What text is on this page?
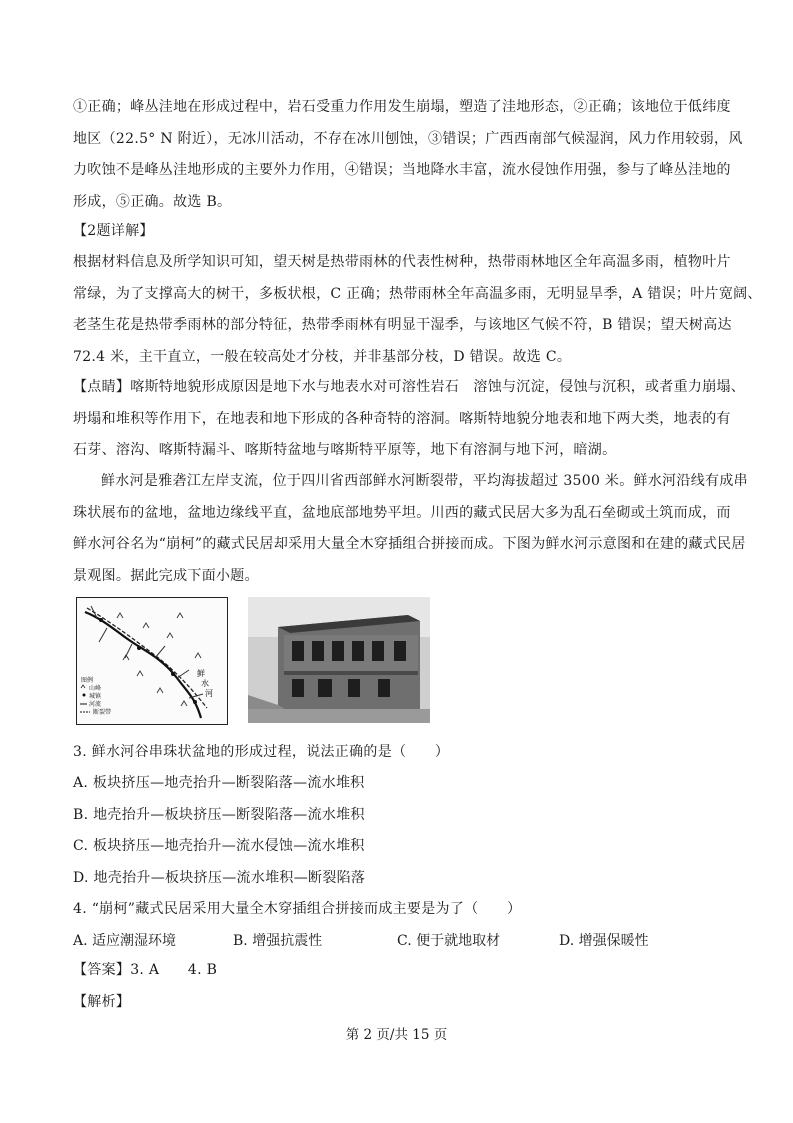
①正确；峰丛洼地在形成过程中，岩石受重力作用发生崩塌，塑造了洼地形态，②正确；该地位于低纬度
地区（22.5° N 附近），无冰川活动，不存在冰川刨蚀，③错误；广西西南部气候湿润，风力作用较弱，风
力吹蚀不是峰丛洼地形成的主要外力作用，④错误；当地降水丰富，流水侵蚀作用强，参与了峰丛洼地的
形成，⑤正确。故选 B。
【2题详解】
根据材料信息及所学知识可知，望天树是热带雨林的代表性树种，热带雨林地区全年高温多雨，植物叶片
常绿，为了支撑高大的树干，多板状根，C 正确；热带雨林全年高温多雨，无明显旱季，A 错误；叶片宽阔、
老茎生花是热带季雨林的部分特征，热带季雨林有明显干湿季，与该地区气候不符，B 错误；望天树高达
72.4 米，主干直立，一般在较高处才分枝，并非基部分枝，D 错误。故选 C。
【点睛】喀斯特地貌形成原因是地下水与地表水对可溶性岩石　溶蚀与沉淀，侵蚀与沉积，或者重力崩塌、
坍塌和堆积等作用下，在地表和地下形成的各种奇特的溶洞。喀斯特地貌分地表和地下两大类，地表的有
石芽、溶沟、喀斯特漏斗、喀斯特盆地与喀斯特平原等，地下有溶洞与地下河，暗湖。
鲜水河是雅砻江左岸支流，位于四川省西部鲜水河断裂带，平均海拔超过 3500 米。鲜水河沿线有成串
珠状展布的盆地，盆地边缘线平直，盆地底部地势平坦。川西的藏式民居大多为乱石垒砌或土筑而成，而
鲜水河谷名为“崩柯”的藏式民居却采用大量全木穿插组合拼接而成。下图为鲜水河示意图和在建的藏式民居
景观图。据此完成下面小题。
鲜
水
河
图例
山峰
城镇
河流
断裂带
3. 鲜水河谷串珠状盆地的形成过程，说法正确的是（　　）
A. 板块挤压—地壳抬升—断裂陷落—流水堆积
B. 地壳抬升—板块挤压—断裂陷落—流水堆积
C. 板块挤压—地壳抬升—流水侵蚀—流水堆积
D. 地壳抬升—板块挤压—流水堆积—断裂陷落
4. “崩柯”藏式民居采用大量全木穿插组合拼接而成主要是为了（　　）
A. 适应潮湿环境	B. 增强抗震性	C. 便于就地取材	D. 增强保暖性
【答案】3. A　　4. B
【解析】
第 2 页/共 15 页
